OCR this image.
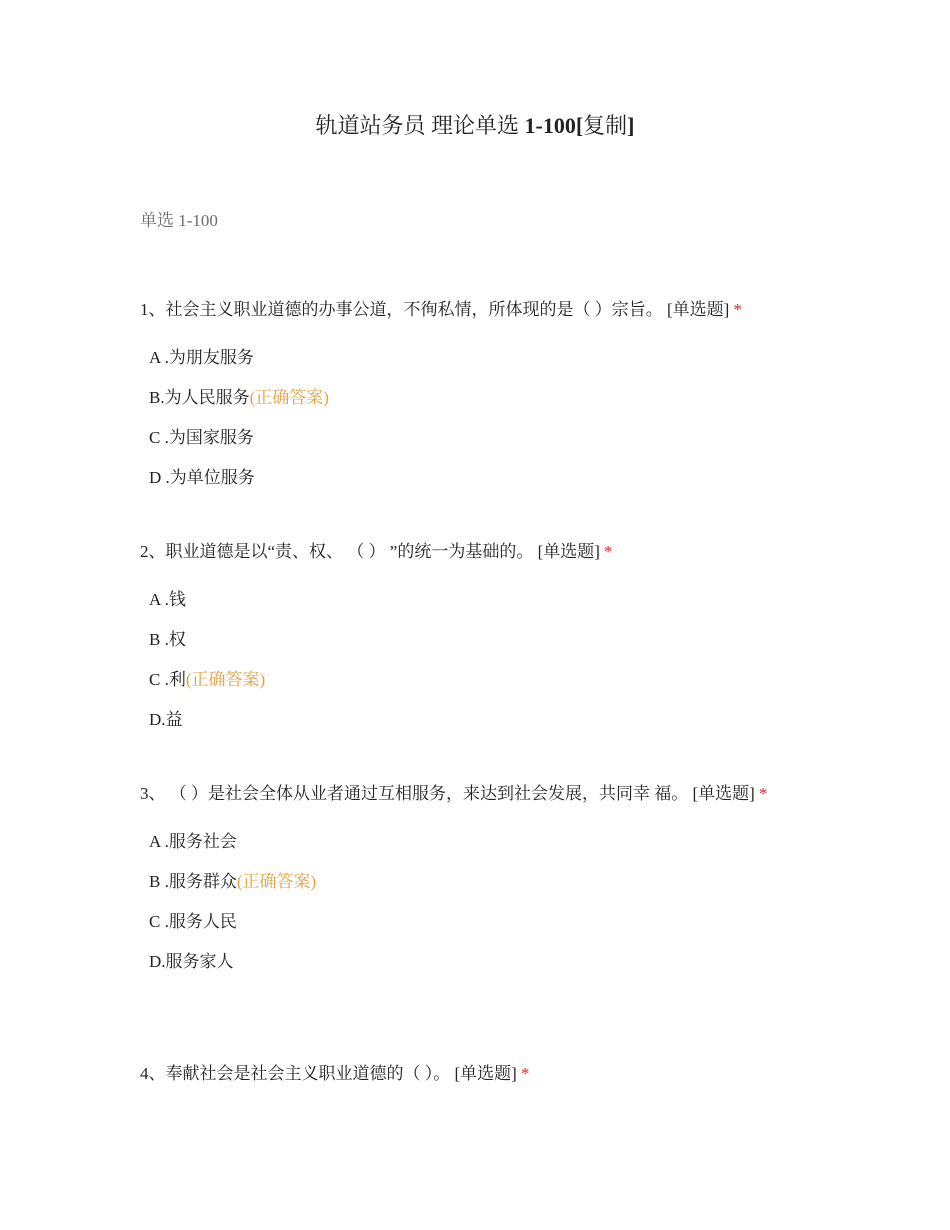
轨道站务员 理论单选 1-100[复制]
单选 1-100

1、社会主义职业道德的办事公道，不徇私情，所体现的是（ ）宗旨。 [单选题] *

A .为朋友服务
B.为人民服务(正确答案)
C .为国家服务
D .为单位服务

2、职业道德是以“责、权、 （ ） ”的统一为基础的。 [单选题] *

A .钱
B .权
C .利(正确答案)
D.益

3、 （ ）是社会全体从业者通过互相服务，来达到社会发展，共同幸 福。 [单选题] *

A .服务社会
B .服务群众(正确答案)
C .服务人民
D.服务家人

4、奉献社会是社会主义职业道德的（ ）。 [单选题] *
